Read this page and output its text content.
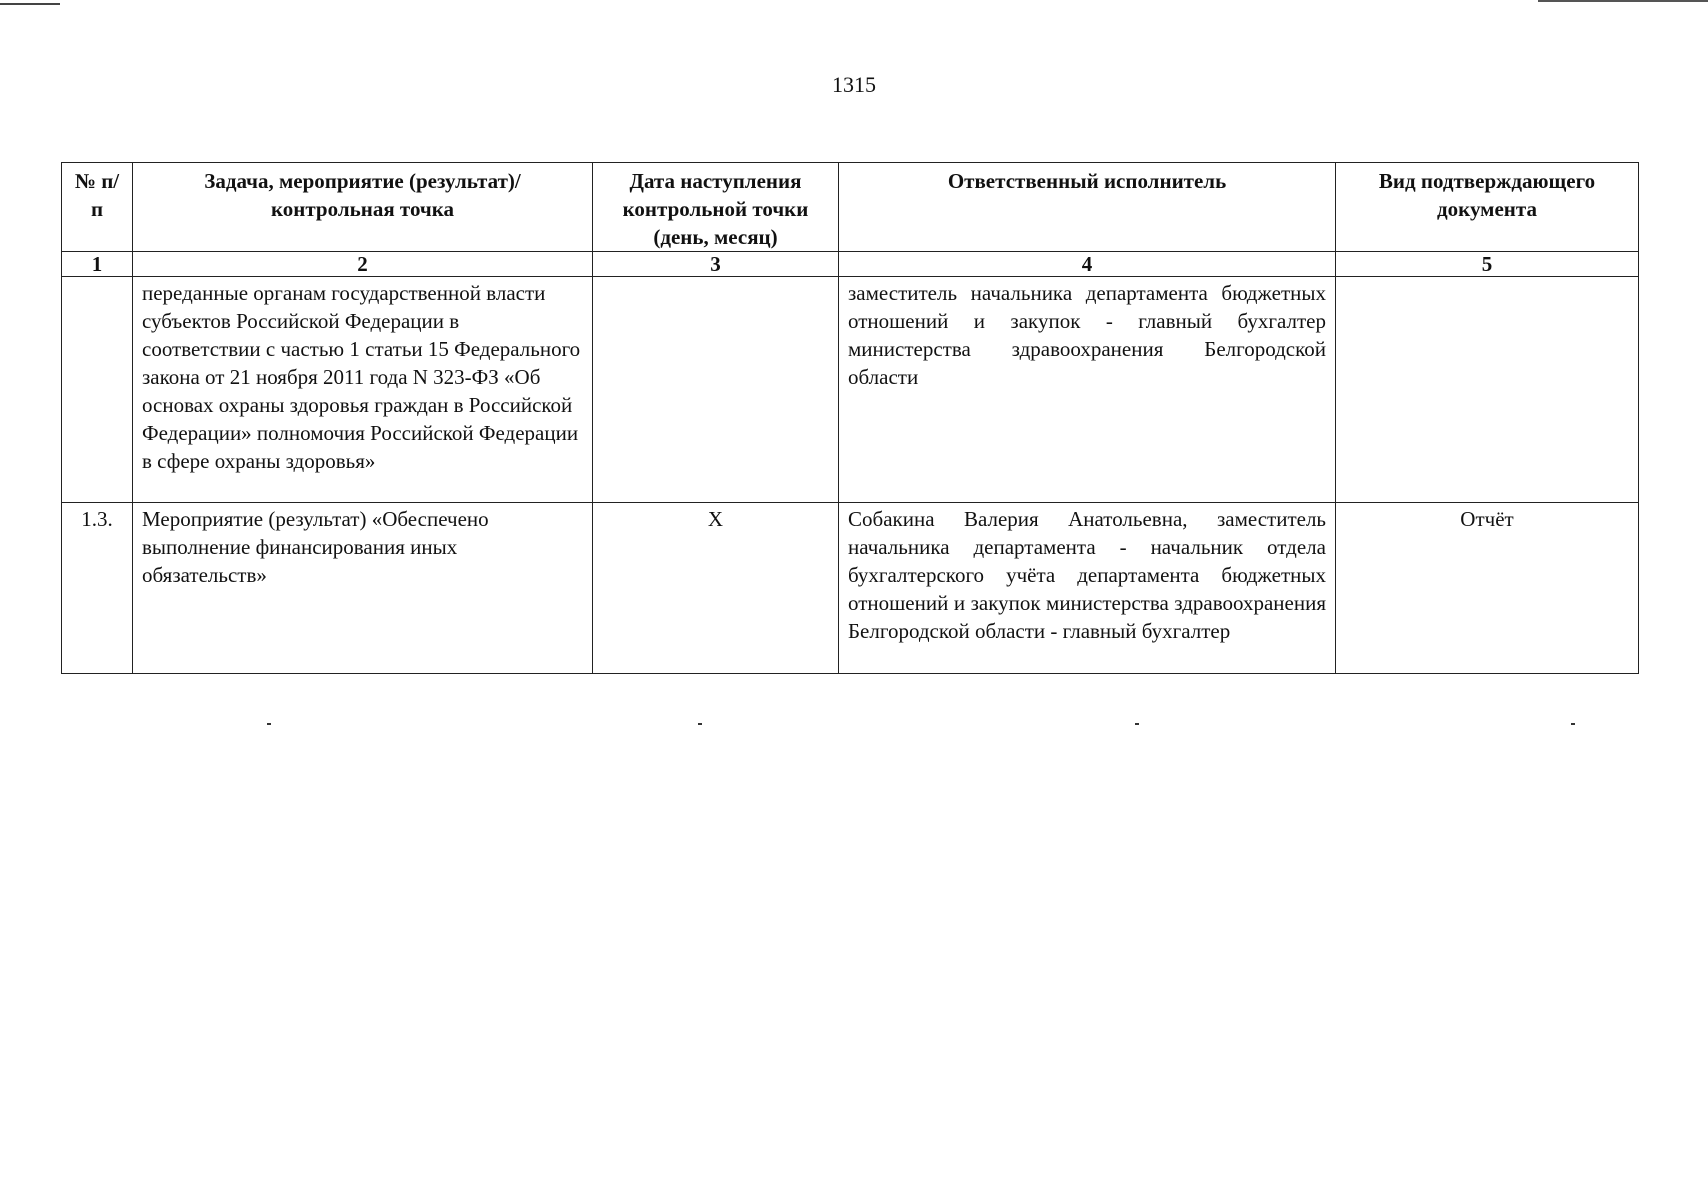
1315
№ п/п	Задача, мероприятие (результат)/ контрольная точка	Дата наступления контрольной точки (день, месяц)	Ответственный исполнитель	Вид подтверждающего документа
1	2	3	4	5
	переданные органам государственной власти субъектов Российской Федерации в соответствии с частью 1 статьи 15 Федерального закона от 21 ноября 2011 года N 323-ФЗ «Об основах охраны здоровья граждан в Российской Федерации» полномочия Российской Федерации в сфере охраны здоровья»		заместитель начальника департамента бюджетных отношений и закупок - главный бухгалтер министерства здравоохранения Белгородской области	
1.3.	Мероприятие (результат) «Обеспечено выполнение финансирования иных обязательств»	X	Собакина Валерия Анатольевна, заместитель начальника департамента - начальник отдела бухгалтерского учёта департамента бюджетных отношений и закупок министерства здравоохранения Белгородской области - главный бухгалтер	Отчёт
